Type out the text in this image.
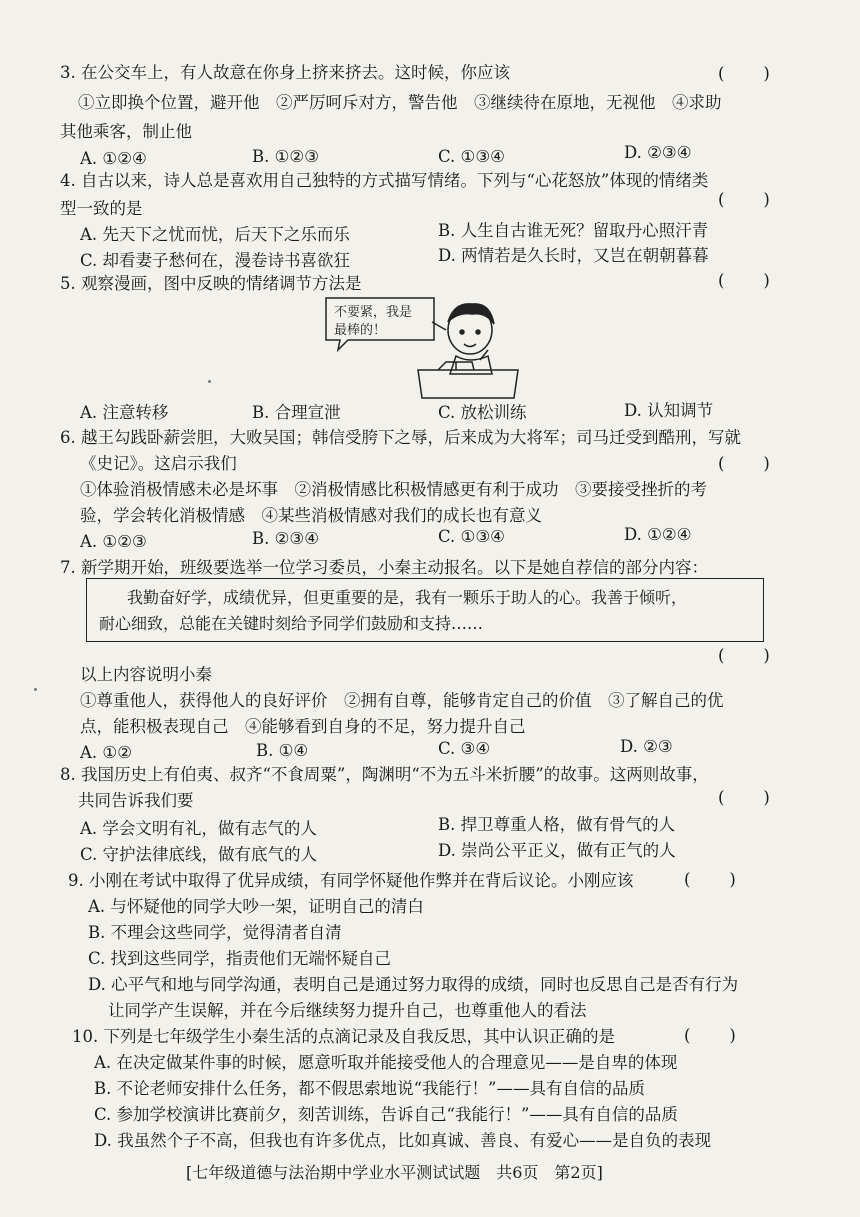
3. 在公交车上，有人故意在你身上挤来挤去。这时候，你应该	(　　)
①立即换个位置，避开他　②严厉呵斥对方，警告他　③继续待在原地，无视他　④求助
其他乘客，制止他
A. ①②④	B. ①②③	C. ①③④	D. ②③④
4. 自古以来，诗人总是喜欢用自己独特的方式描写情绪。下列与“心花怒放”体现的情绪类
型一致的是	(　　)
A. 先天下之忧而忧，后天下之乐而乐	B. 人生自古谁无死？留取丹心照汗青
C. 却看妻子愁何在，漫卷诗书喜欲狂	D. 两情若是久长时，又岂在朝朝暮暮
5. 观察漫画，图中反映的情绪调节方法是	(　　)
不要紧，我是
最棒的！
A. 注意转移	B. 合理宣泄	C. 放松训练	D. 认知调节
6. 越王勾践卧薪尝胆，大败吴国；韩信受胯下之辱，后来成为大将军；司马迁受到酷刑，写就
《史记》。这启示我们	(　　)
①体验消极情感未必是坏事　②消极情感比积极情感更有利于成功　③要接受挫折的考
验，学会转化消极情感　④某些消极情感对我们的成长也有意义
A. ①②③	B. ②③④	C. ①③④	D. ①②④
7. 新学期开始，班级要选举一位学习委员，小秦主动报名。以下是她自荐信的部分内容：
我勤奋好学，成绩优异，但更重要的是，我有一颗乐于助人的心。我善于倾听，
耐心细致，总能在关键时刻给予同学们鼓励和支持……
(　　)
以上内容说明小秦
①尊重他人，获得他人的良好评价　②拥有自尊，能够肯定自己的价值　③了解自己的优
点，能积极表现自己　④能够看到自身的不足，努力提升自己
A. ①②	B. ①④	C. ③④	D. ②③
8. 我国历史上有伯夷、叔齐“不食周粟”，陶渊明“不为五斗米折腰”的故事。这两则故事，
共同告诉我们要	(　　)
A. 学会文明有礼，做有志气的人	B. 捍卫尊重人格，做有骨气的人
C. 守护法律底线，做有底气的人	D. 崇尚公平正义，做有正气的人
9. 小刚在考试中取得了优异成绩，有同学怀疑他作弊并在背后议论。小刚应该	(　　)
A. 与怀疑他的同学大吵一架，证明自己的清白
B. 不理会这些同学，觉得清者自清
C. 找到这些同学，指责他们无端怀疑自己
D. 心平气和地与同学沟通，表明自己是通过努力取得的成绩，同时也反思自己是否有行为
让同学产生误解，并在今后继续努力提升自己，也尊重他人的看法
10. 下列是七年级学生小秦生活的点滴记录及自我反思，其中认识正确的是	(　　)
A. 在决定做某件事的时候，愿意听取并能接受他人的合理意见——是自卑的体现
B. 不论老师安排什么任务，都不假思索地说“我能行！”——具有自信的品质
C. 参加学校演讲比赛前夕，刻苦训练，告诉自己“我能行！”——具有自信的品质
D. 我虽然个子不高，但我也有许多优点，比如真诚、善良、有爱心——是自负的表现
[七年级道德与法治期中学业水平测试试题　共6页　第2页]
